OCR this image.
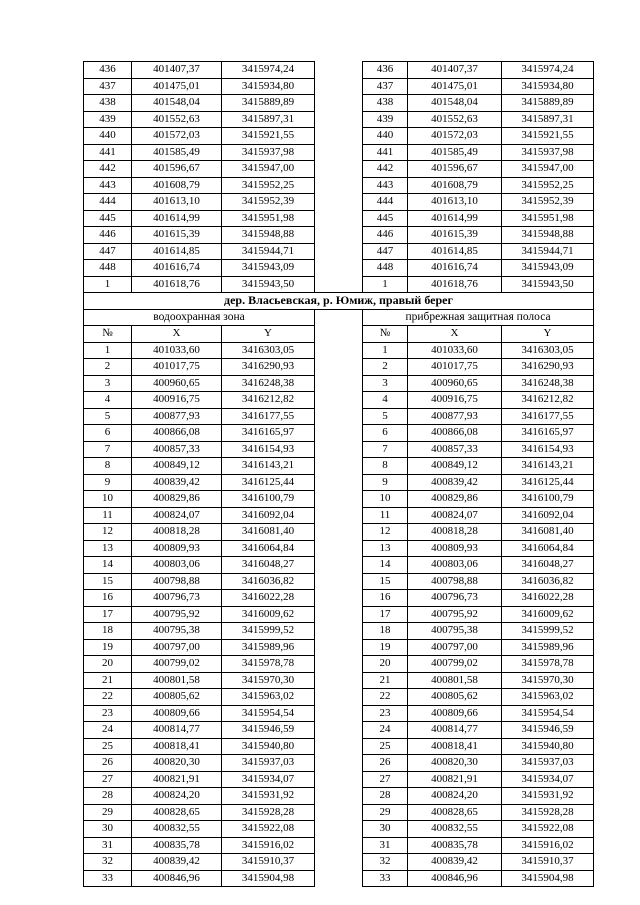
436	401407,37	3415974,24		436	401407,37	3415974,24
437	401475,01	3415934,80		437	401475,01	3415934,80
438	401548,04	3415889,89		438	401548,04	3415889,89
439	401552,63	3415897,31		439	401552,63	3415897,31
440	401572,03	3415921,55		440	401572,03	3415921,55
441	401585,49	3415937,98		441	401585,49	3415937,98
442	401596,67	3415947,00		442	401596,67	3415947,00
443	401608,79	3415952,25		443	401608,79	3415952,25
444	401613,10	3415952,39		444	401613,10	3415952,39
445	401614,99	3415951,98		445	401614,99	3415951,98
446	401615,39	3415948,88		446	401615,39	3415948,88
447	401614,85	3415944,71		447	401614,85	3415944,71
448	401616,74	3415943,09		448	401616,74	3415943,09
1	401618,76	3415943,50		1	401618,76	3415943,50
дер. Власьевская, р. Юмиж, правый берег						
водоохранная зона				прибрежная защитная полоса		
№	X	Y		№	X	Y
1	401033,60	3416303,05		1	401033,60	3416303,05
2	401017,75	3416290,93		2	401017,75	3416290,93
3	400960,65	3416248,38		3	400960,65	3416248,38
4	400916,75	3416212,82		4	400916,75	3416212,82
5	400877,93	3416177,55		5	400877,93	3416177,55
6	400866,08	3416165,97		6	400866,08	3416165,97
7	400857,33	3416154,93		7	400857,33	3416154,93
8	400849,12	3416143,21		8	400849,12	3416143,21
9	400839,42	3416125,44		9	400839,42	3416125,44
10	400829,86	3416100,79		10	400829,86	3416100,79
11	400824,07	3416092,04		11	400824,07	3416092,04
12	400818,28	3416081,40		12	400818,28	3416081,40
13	400809,93	3416064,84		13	400809,93	3416064,84
14	400803,06	3416048,27		14	400803,06	3416048,27
15	400798,88	3416036,82		15	400798,88	3416036,82
16	400796,73	3416022,28		16	400796,73	3416022,28
17	400795,92	3416009,62		17	400795,92	3416009,62
18	400795,38	3415999,52		18	400795,38	3415999,52
19	400797,00	3415989,96		19	400797,00	3415989,96
20	400799,02	3415978,78		20	400799,02	3415978,78
21	400801,58	3415970,30		21	400801,58	3415970,30
22	400805,62	3415963,02		22	400805,62	3415963,02
23	400809,66	3415954,54		23	400809,66	3415954,54
24	400814,77	3415946,59		24	400814,77	3415946,59
25	400818,41	3415940,80		25	400818,41	3415940,80
26	400820,30	3415937,03		26	400820,30	3415937,03
27	400821,91	3415934,07		27	400821,91	3415934,07
28	400824,20	3415931,92		28	400824,20	3415931,92
29	400828,65	3415928,28		29	400828,65	3415928,28
30	400832,55	3415922,08		30	400832,55	3415922,08
31	400835,78	3415916,02		31	400835,78	3415916,02
32	400839,42	3415910,37		32	400839,42	3415910,37
33	400846,96	3415904,98		33	400846,96	3415904,98
